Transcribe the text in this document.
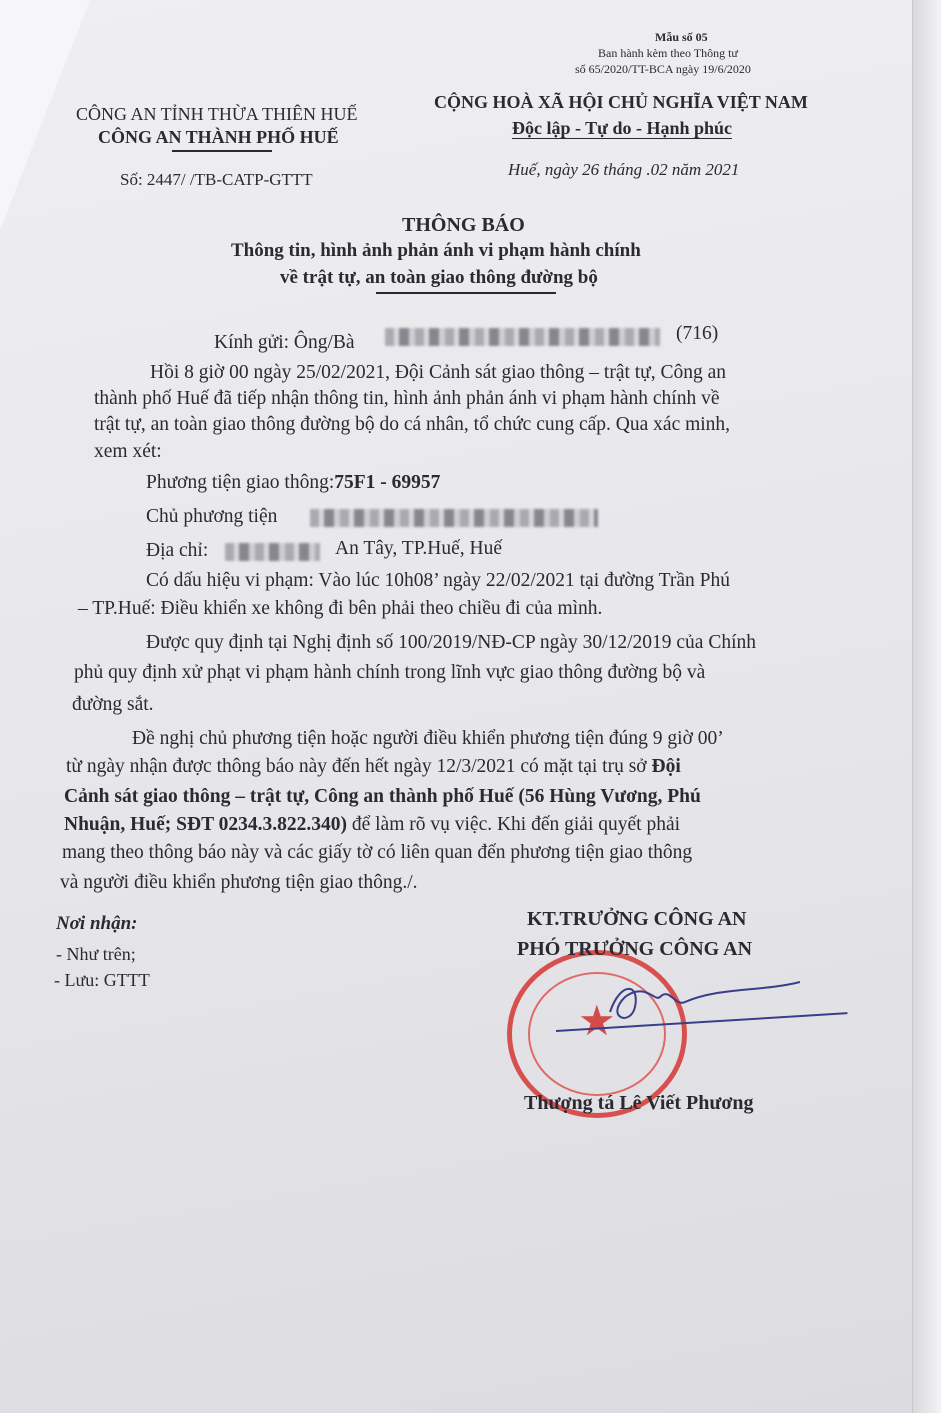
Mẫu số 05
Ban hành kèm theo Thông tư
số 65/2020/TT-BCA ngày 19/6/2020
CÔNG AN TỈNH THỪA THIÊN HUẾ
CÔNG AN THÀNH PHỐ HUẾ
Số: 2447/ /TB-CATP-GTTT
CỘNG HOÀ XÃ HỘI CHỦ NGHĨA VIỆT NAM
Độc lập - Tự do - Hạnh phúc
Huế, ngày 26 tháng .02 năm 2021
THÔNG BÁO
Thông tin, hình ảnh phản ánh vi phạm hành chính
về trật tự, an toàn giao thông đường bộ
Kính gửi: Ông/Bà	(716)
Hồi 8 giờ 00 ngày 25/02/2021, Đội Cảnh sát giao thông – trật tự, Công an
thành phố Huế đã tiếp nhận thông tin, hình ảnh phản ánh vi phạm hành chính về
trật tự, an toàn giao thông đường bộ do cá nhân, tổ chức cung cấp. Qua xác minh,
xem xét:
Phương tiện giao thông:75F1 - 69957
Chủ phương tiện
Địa chỉ:	An Tây, TP.Huế, Huế
Có dấu hiệu vi phạm: Vào lúc 10h08’ ngày 22/02/2021 tại đường Trần Phú
– TP.Huế: Điều khiển xe không đi bên phải theo chiều đi của mình.
Được quy định tại Nghị định số 100/2019/NĐ-CP ngày 30/12/2019 của Chính
phủ quy định xử phạt vi phạm hành chính trong lĩnh vực giao thông đường bộ và
đường sắt.
Đề nghị chủ phương tiện hoặc người điều khiển phương tiện đúng 9 giờ 00’
từ ngày nhận được thông báo này đến hết ngày 12/3/2021 có mặt tại trụ sở Đội
Cảnh sát giao thông – trật tự, Công an thành phố Huế (56 Hùng Vương, Phú
Nhuận, Huế; SĐT 0234.3.822.340) để làm rõ vụ việc. Khi đến giải quyết phải
mang theo thông báo này và các giấy tờ có liên quan đến phương tiện giao thông
và người điều khiển phương tiện giao thông./.
Nơi nhận:
- Như trên;
- Lưu: GTTT
★
KT.TRƯỞNG CÔNG AN
PHÓ TRƯỞNG CÔNG AN
Thượng tá Lê Viết Phương
